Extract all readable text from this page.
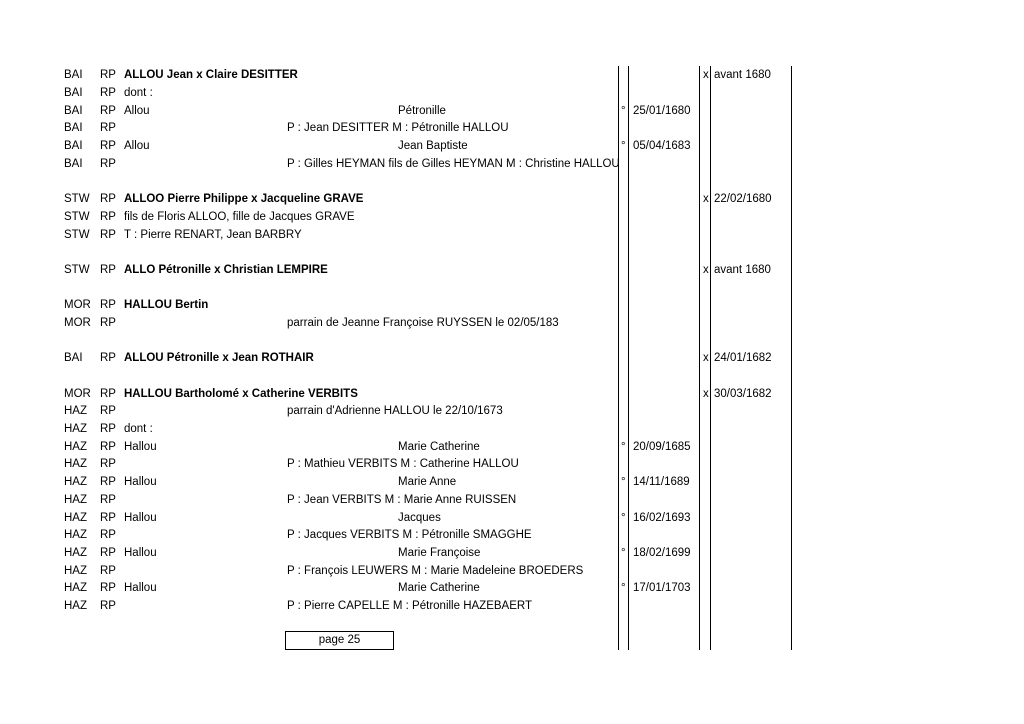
BAI RP ALLOU Jean x Claire DESITTER	x avant 1680
BAI RP dont :
BAI RP Allou	Pétronille	° 25/01/1680
BAI RP	P : Jean DESITTER M : Pétronille HALLOU
BAI RP Allou	Jean Baptiste	° 05/04/1683
BAI RP	P : Gilles HEYMAN fils de Gilles HEYMAN M : Christine HALLOU
STW RP ALLOO Pierre Philippe x Jacqueline GRAVE	x 22/02/1680
STW RP fils de Floris ALLOO, fille de Jacques GRAVE
STW RP T : Pierre RENART, Jean BARBRY
STW RP ALLO Pétronille x Christian LEMPIRE	x avant 1680
MOR RP HALLOU Bertin
MOR RP	parrain de Jeanne Françoise RUYSSEN le 02/05/183
BAI RP ALLOU Pétronille x Jean ROTHAIR	x 24/01/1682
MOR RP HALLOU Bartholomé x Catherine VERBITS	x 30/03/1682
HAZ RP	parrain d'Adrienne HALLOU le 22/10/1673
HAZ RP dont :
HAZ RP Hallou	Marie Catherine	° 20/09/1685
HAZ RP	P : Mathieu VERBITS M : Catherine HALLOU
HAZ RP Hallou	Marie Anne	° 14/11/1689
HAZ RP	P : Jean VERBITS M : Marie Anne RUISSEN
HAZ RP Hallou	Jacques	° 16/02/1693
HAZ RP	P : Jacques VERBITS M : Pétronille SMAGGHE
HAZ RP Hallou	Marie Françoise	° 18/02/1699
HAZ RP	P : François LEUWERS M : Marie Madeleine BROEDERS
HAZ RP Hallou	Marie Catherine	° 17/01/1703
HAZ RP	P : Pierre CAPELLE M : Pétronille HAZEBAERT
page 25
